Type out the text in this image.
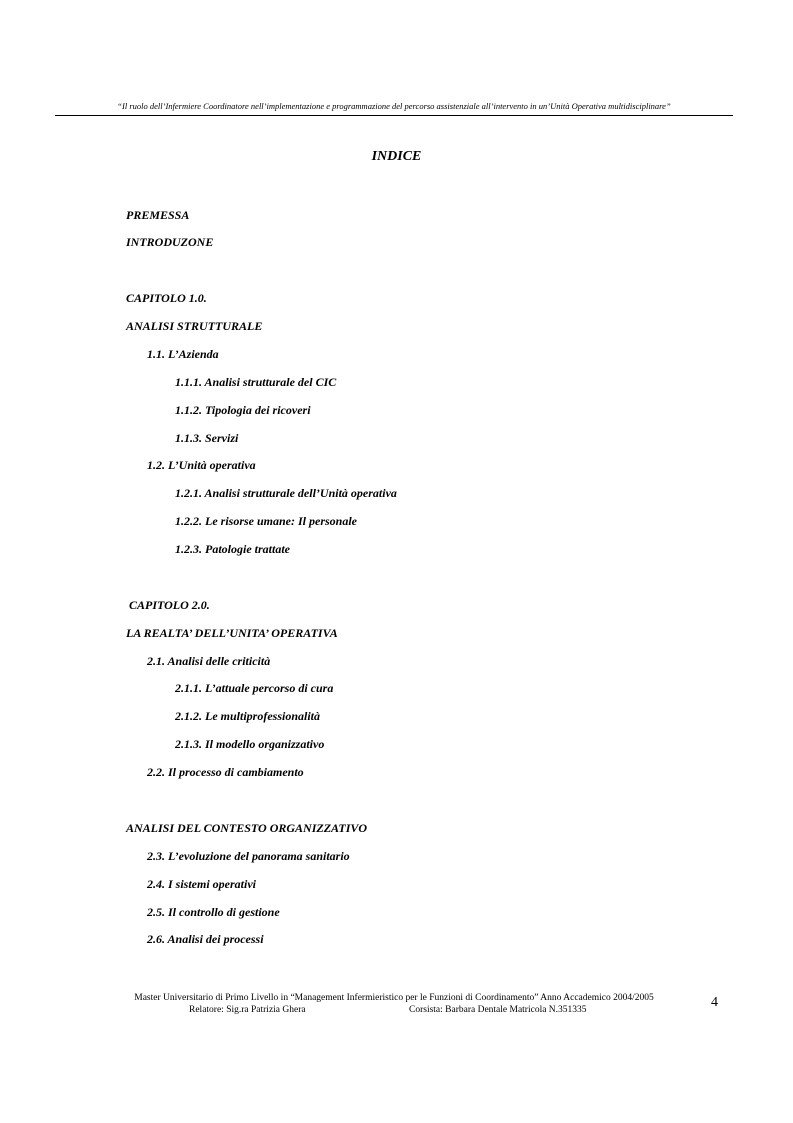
“Il ruolo dell’Infermiere Coordinatore nell’implementazione e programmazione del percorso assistenziale all’intervento in un’Unità Operativa multidisciplinare”
INDICE
PREMESSA
INTRODUZONE
CAPITOLO 1.0.
ANALISI STRUTTURALE
1.1. L’Azienda
1.1.1. Analisi strutturale del CIC
1.1.2. Tipologia dei ricoveri
1.1.3. Servizi
1.2. L’Unità operativa
1.2.1. Analisi strutturale dell’Unità operativa
1.2.2. Le risorse umane: Il personale
1.2.3. Patologie trattate
CAPITOLO 2.0.
LA REALTA’ DELL’UNITA’ OPERATIVA
2.1. Analisi delle criticità
2.1.1. L’attuale percorso di cura
2.1.2. Le multiprofessionalità
2.1.3. Il modello organizzativo
2.2. Il processo di cambiamento
ANALISI DEL CONTESTO ORGANIZZATIVO
2.3. L’evoluzione del panorama sanitario
2.4. I sistemi operativi
2.5. Il controllo di gestione
2.6. Analisi dei processi
Master Universitario di Primo Livello in “Management Infermieristico per le Funzioni di Coordinamento” Anno Accademico 2004/2005
Relatore: Sig.ra Patrizia Ghera	Corsista: Barbara Dentale Matricola N.351335	4
